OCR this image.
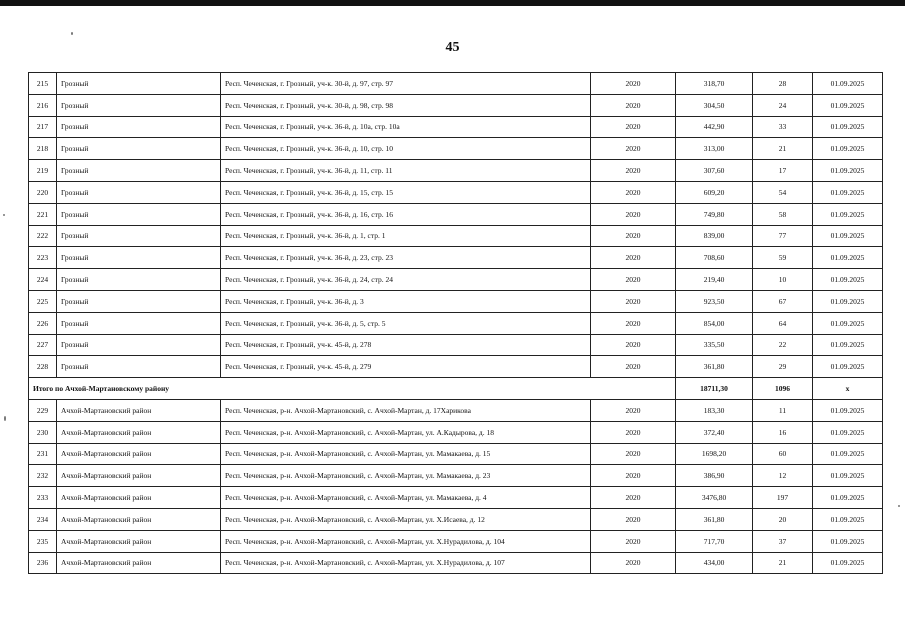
45
215	Грозный	Респ. Чеченская, г. Грозный, уч-к. 30-й, д. 97, стр. 97	2020	318,70	28	01.09.2025
216	Грозный	Респ. Чеченская, г. Грозный, уч-к. 30-й, д. 98, стр. 98	2020	304,50	24	01.09.2025
217	Грозный	Респ. Чеченская, г. Грозный, уч-к. 36-й, д. 10а, стр. 10а	2020	442,90	33	01.09.2025
218	Грозный	Респ. Чеченская, г. Грозный, уч-к. 36-й, д. 10, стр. 10	2020	313,00	21	01.09.2025
219	Грозный	Респ. Чеченская, г. Грозный, уч-к. 36-й, д. 11, стр. 11	2020	307,60	17	01.09.2025
220	Грозный	Респ. Чеченская, г. Грозный, уч-к. 36-й, д. 15, стр. 15	2020	609,20	54	01.09.2025
221	Грозный	Респ. Чеченская, г. Грозный, уч-к. 36-й, д. 16, стр. 16	2020	749,80	58	01.09.2025
222	Грозный	Респ. Чеченская, г. Грозный, уч-к. 36-й, д. 1, стр. 1	2020	839,00	77	01.09.2025
223	Грозный	Респ. Чеченская, г. Грозный, уч-к. 36-й, д. 23, стр. 23	2020	708,60	59	01.09.2025
224	Грозный	Респ. Чеченская, г. Грозный, уч-к. 36-й, д. 24, стр. 24	2020	219,40	10	01.09.2025
225	Грозный	Респ. Чеченская, г. Грозный, уч-к. 36-й, д. 3	2020	923,50	67	01.09.2025
226	Грозный	Респ. Чеченская, г. Грозный, уч-к. 36-й, д. 5, стр. 5	2020	854,00	64	01.09.2025
227	Грозный	Респ. Чеченская, г. Грозный, уч-к. 45-й, д. 278	2020	335,50	22	01.09.2025
228	Грозный	Респ. Чеченская, г. Грозный, уч-к. 45-й, д. 279	2020	361,80	29	01.09.2025
Итого по Ачхой-Мартановскому району				18711,30	1096	х
229	Ачхой-Мартановский район	Респ. Чеченская, р-н. Ачхой-Мартановский, с. Ачхой-Мартан, д. 17Харикова	2020	183,30	11	01.09.2025
230	Ачхой-Мартановский район	Респ. Чеченская, р-н. Ачхой-Мартановский, с. Ачхой-Мартан, ул. А.Кадырова, д. 18	2020	372,40	16	01.09.2025
231	Ачхой-Мартановский район	Респ. Чеченская, р-н. Ачхой-Мартановский, с. Ачхой-Мартан, ул. Мамакаева, д. 15	2020	1698,20	60	01.09.2025
232	Ачхой-Мартановский район	Респ. Чеченская, р-н. Ачхой-Мартановский, с. Ачхой-Мартан, ул. Мамакаева, д. 23	2020	386,90	12	01.09.2025
233	Ачхой-Мартановский район	Респ. Чеченская, р-н. Ачхой-Мартановский, с. Ачхой-Мартан, ул. Мамакаева, д. 4	2020	3476,80	197	01.09.2025
234	Ачхой-Мартановский район	Респ. Чеченская, р-н. Ачхой-Мартановский, с. Ачхой-Мартан, ул. Х.Исаева, д. 12	2020	361,80	20	01.09.2025
235	Ачхой-Мартановский район	Респ. Чеченская, р-н. Ачхой-Мартановский, с. Ачхой-Мартан, ул. Х.Нурадилова, д. 104	2020	717,70	37	01.09.2025
236	Ачхой-Мартановский район	Респ. Чеченская, р-н. Ачхой-Мартановский, с. Ачхой-Мартан, ул. Х.Нурадилова, д. 107	2020	434,00	21	01.09.2025
